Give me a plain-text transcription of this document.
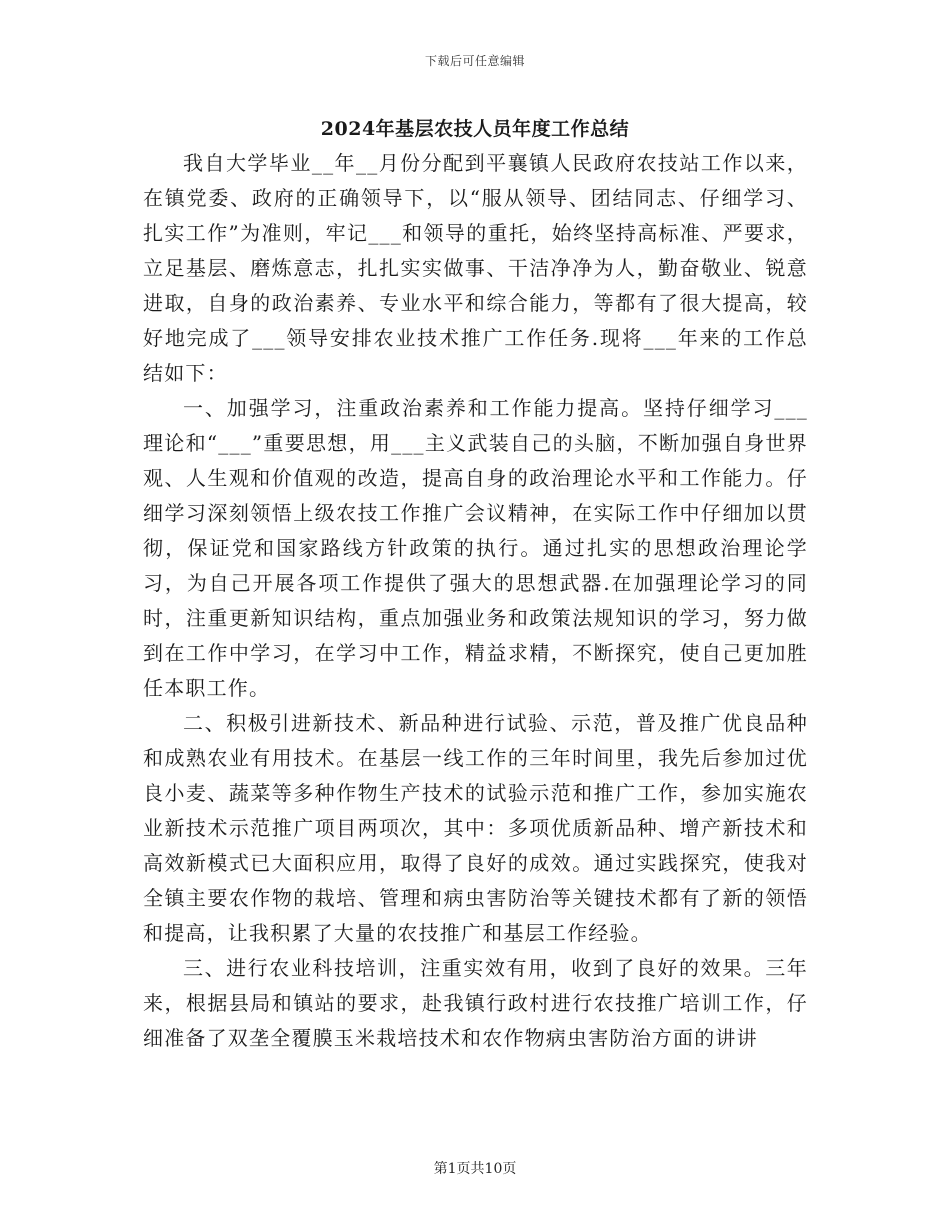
下载后可任意编辑
2024年基层农技人员年度工作总结

我自大学毕业__年__月份分配到平襄镇人民政府农技站工作以来，在镇党委、政府的正确领导下，以“服从领导、团结同志、仔细学习、扎实工作”为准则，牢记___和领导的重托，始终坚持高标准、严要求，立足基层、磨炼意志，扎扎实实做事、干洁净净为人，勤奋敬业、锐意进取，自身的政治素养、专业水平和综合能力，等都有了很大提高，较好地完成了___领导安排农业技术推广工作任务.现将___年来的工作总结如下：

一、加强学习，注重政治素养和工作能力提高。坚持仔细学习___理论和“___”重要思想，用___主义武装自己的头脑，不断加强自身世界观、人生观和价值观的改造，提高自身的政治理论水平和工作能力。仔细学习深刻领悟上级农技工作推广会议精神，在实际工作中仔细加以贯彻，保证党和国家路线方针政策的执行。通过扎实的思想政治理论学习，为自己开展各项工作提供了强大的思想武器.在加强理论学习的同时，注重更新知识结构，重点加强业务和政策法规知识的学习，努力做到在工作中学习，在学习中工作，精益求精，不断探究，使自己更加胜任本职工作。

二、积极引进新技术、新品种进行试验、示范，普及推广优良品种和成熟农业有用技术。在基层一线工作的三年时间里，我先后参加过优良小麦、蔬菜等多种作物生产技术的试验示范和推广工作，参加实施农业新技术示范推广项目两项次，其中：多项优质新品种、增产新技术和高效新模式已大面积应用，取得了良好的成效。通过实践探究，使我对全镇主要农作物的栽培、管理和病虫害防治等关键技术都有了新的领悟和提高，让我积累了大量的农技推广和基层工作经验。

三、进行农业科技培训，注重实效有用，收到了良好的效果。三年来，根据县局和镇站的要求，赴我镇行政村进行农技推广培训工作，仔细准备了双垄全覆膜玉米栽培技术和农作物病虫害防治方面的讲讲

第1页共10页
